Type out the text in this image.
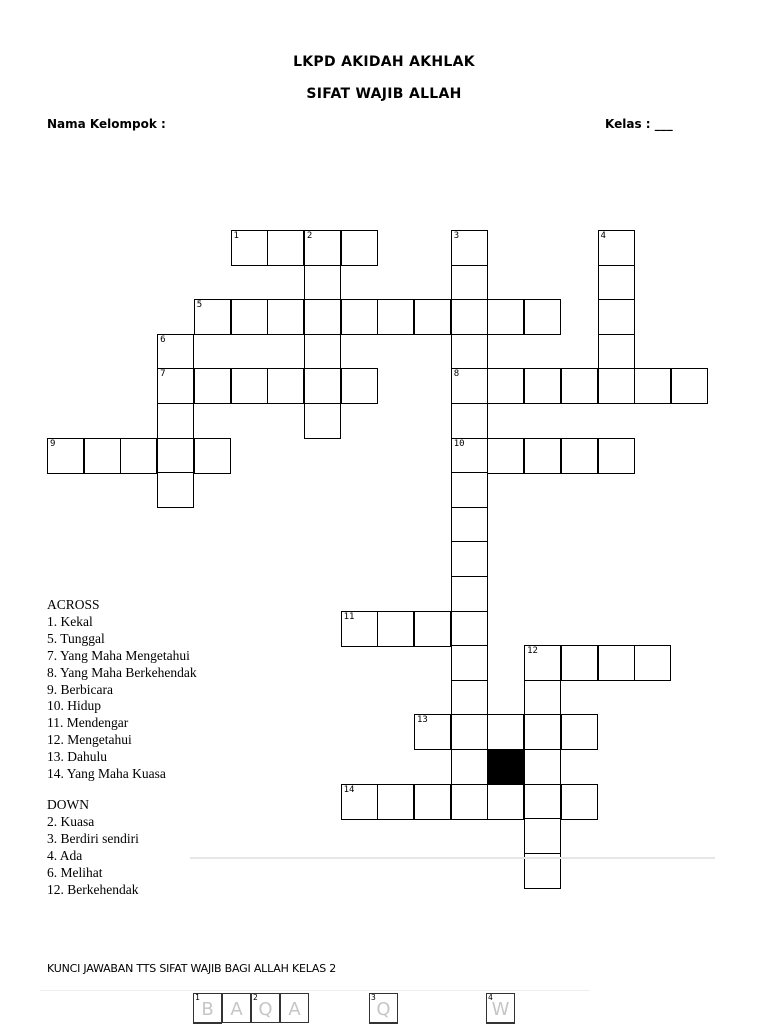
LKPD AKIDAH AKHLAK
SIFAT WAJIB ALLAH
Nama Kelompok :	Kelas : ___
1	2	3
8
10
4
5
6
7
9
11
12
13
14
ACROSS
1. Kekal
5. Tunggal
7. Yang Maha Mengetahui
8. Yang Maha Berkehendak
9. Berbicara
10. Hidup
11. Mendengar
12. Mengetahui
13. Dahulu
14. Yang Maha Kuasa
DOWN
2. Kuasa
3. Berdiri sendiri
4. Ada
6. Melihat
12. Berkehendak
KUNCI JAWABAN TTS SIFAT WAJIB BAGI ALLAH KELAS 2
1
B A
2
Q A
3
Q
4
W
